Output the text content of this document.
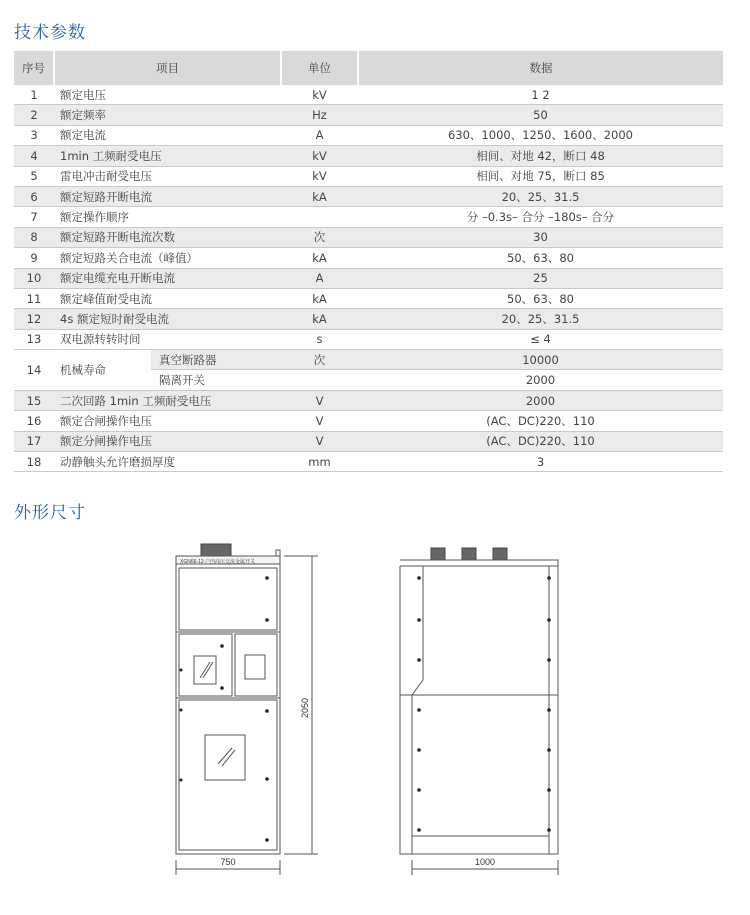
技术参数
序号	项目		单位	数据
1	额定电压		kV	1 2
2	额定频率		Hz	50
3	额定电流		A	630、1000、1250、1600、2000
4	1min 工频耐受电压		kV	相间、对地 42，断口 48
5	雷电冲击耐受电压		kV	相间、对地 75，断口 85
6	额定短路开断电流		kA	20、25、31.5
7	额定操作顺序			分 –0.3s– 合分 –180s– 合分
8	额定短路开断电流次数		次	30
9	额定短路关合电流（峰值）		kA	50、63、80
10	额定电缆充电开断电流		A	25
11	额定峰值耐受电流		kA	50、63、80
12	4s 额定短时耐受电流		kA	20、25、31.5
13	双电源转转时间		s	≤ 4
14	机械寿命	真空断路器	次	10000
		隔离开关		2000
15	二次回路 1min 工频耐受电压		V	2000
16	额定合闸操作电压		V	(AC、DC)220、110
17	额定分闸操作电压		V	(AC、DC)220、110
18	动静触头允许磨损厚度		mm	3
外形尺寸
XGN66-12 户内高压交流金属开关
750
2050
1000
